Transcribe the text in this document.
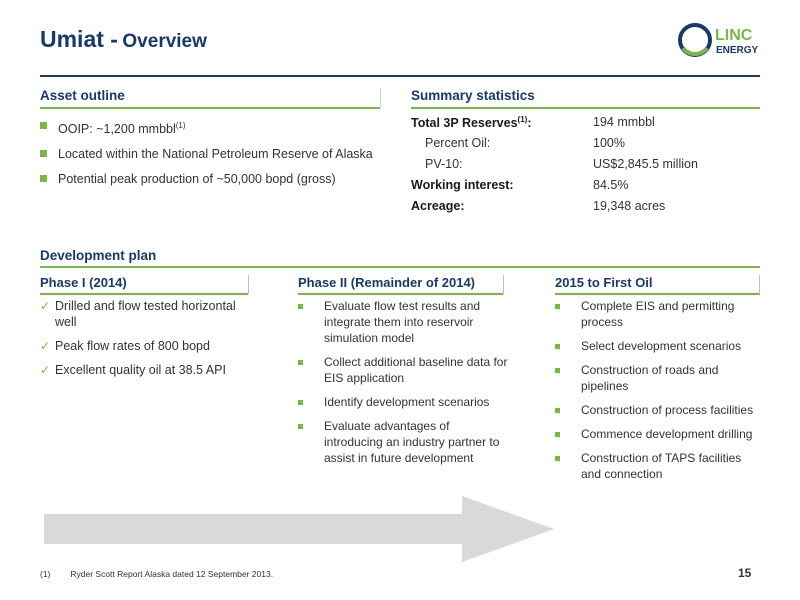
Umiat - Overview	LINC
ENERGY
Asset outline
OOIP: ~1,200 mmbbl$^{(1)}$
Located within the National Petroleum Reserve of Alaska
Potential peak production of ~50,000 bopd (gross)
Summary statistics
Total 3P Reserves$^{(1)}$:	194 mmbbl
Percent Oil:	100%
PV-10:	US$2,845.5 million
Working interest:	84.5%
Acreage:	19,348 acres
Development plan
Phase I (2014)
✓ Drilled and flow tested horizontal well
✓ Peak flow rates of 800 bopd
✓ Excellent quality oil at 38.5 API
Phase II (Remainder of 2014)
Evaluate flow test results and integrate them into reservoir simulation model
Collect additional baseline data for EIS application
Identify development scenarios
Evaluate advantages of introducing an industry partner to assist in future development
2015 to First Oil
Complete EIS and permitting process
Select development scenarios
Construction of roads and pipelines
Construction of process facilities
Commence development drilling
Construction of TAPS facilities and connection
(1) Ryder Scott Report Alaska dated 12 September 2013.	15
